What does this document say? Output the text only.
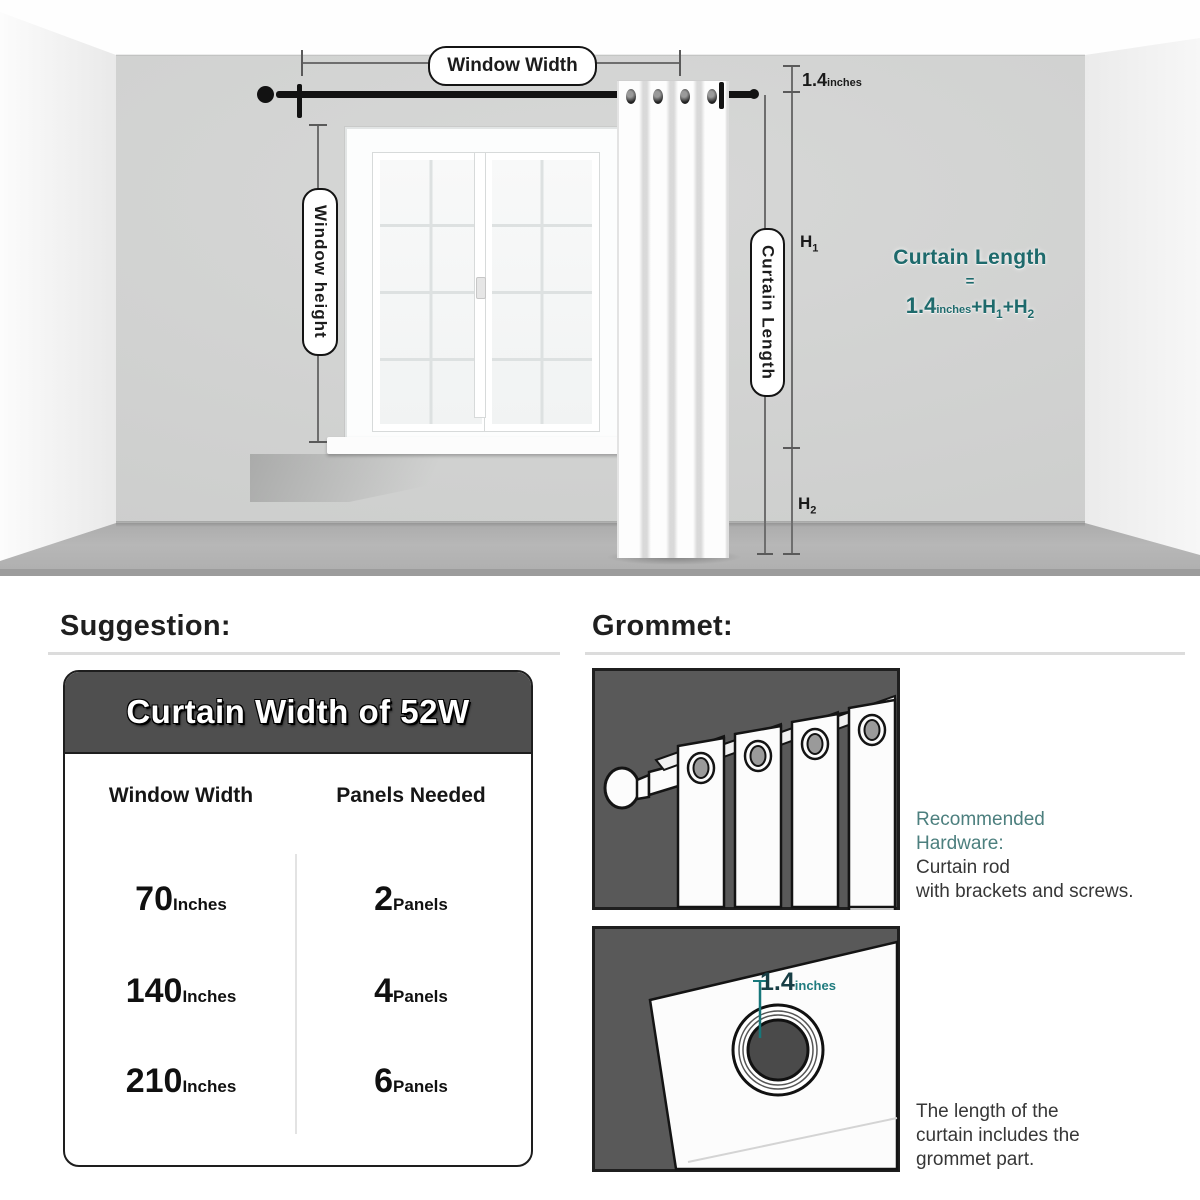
Window Width
Window height	Curtain Length
1.4inches
$H_1$
$H_2$
Curtain Length
=
$1.4inches+H_1+H_2$
Suggestion:
Curtain Width of 52W
Window Width	Panels Needed
70Inches	2Panels
140Inches	4Panels
210Inches	6Panels
Grommet:
Recommended
Hardware:
Curtain rod
with brackets and screws.
1.4inches
The length of the
curtain includes the
grommet part.
